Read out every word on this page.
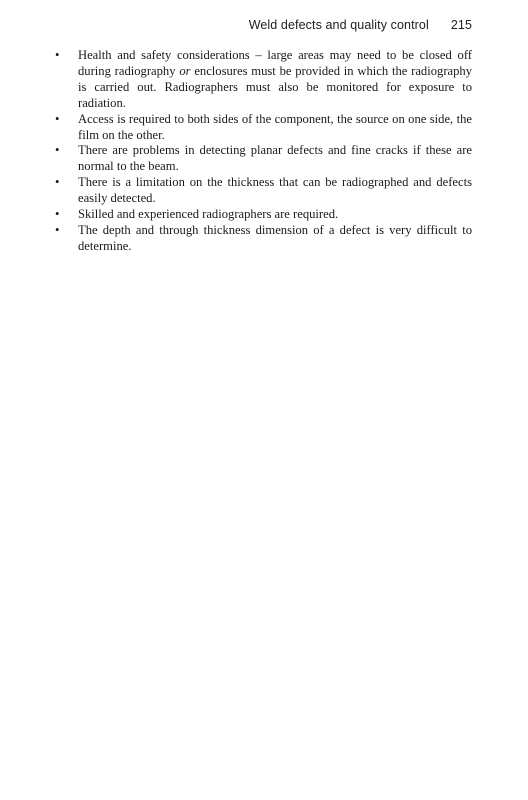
Weld defects and quality control 215
•	Health and safety considerations – large areas may need to be closed off during radiography or enclosures must be provided in which the radiography is carried out. Radiographers must also be monitored for exposure to radiation.
•	Access is required to both sides of the component, the source on one side, the film on the other.
•	There are problems in detecting planar defects and fine cracks if these are normal to the beam.
•	There is a limitation on the thickness that can be radiographed and defects easily detected.
•	Skilled and experienced radiographers are required.
•	The depth and through thickness dimension of a defect is very difficult to determine.
